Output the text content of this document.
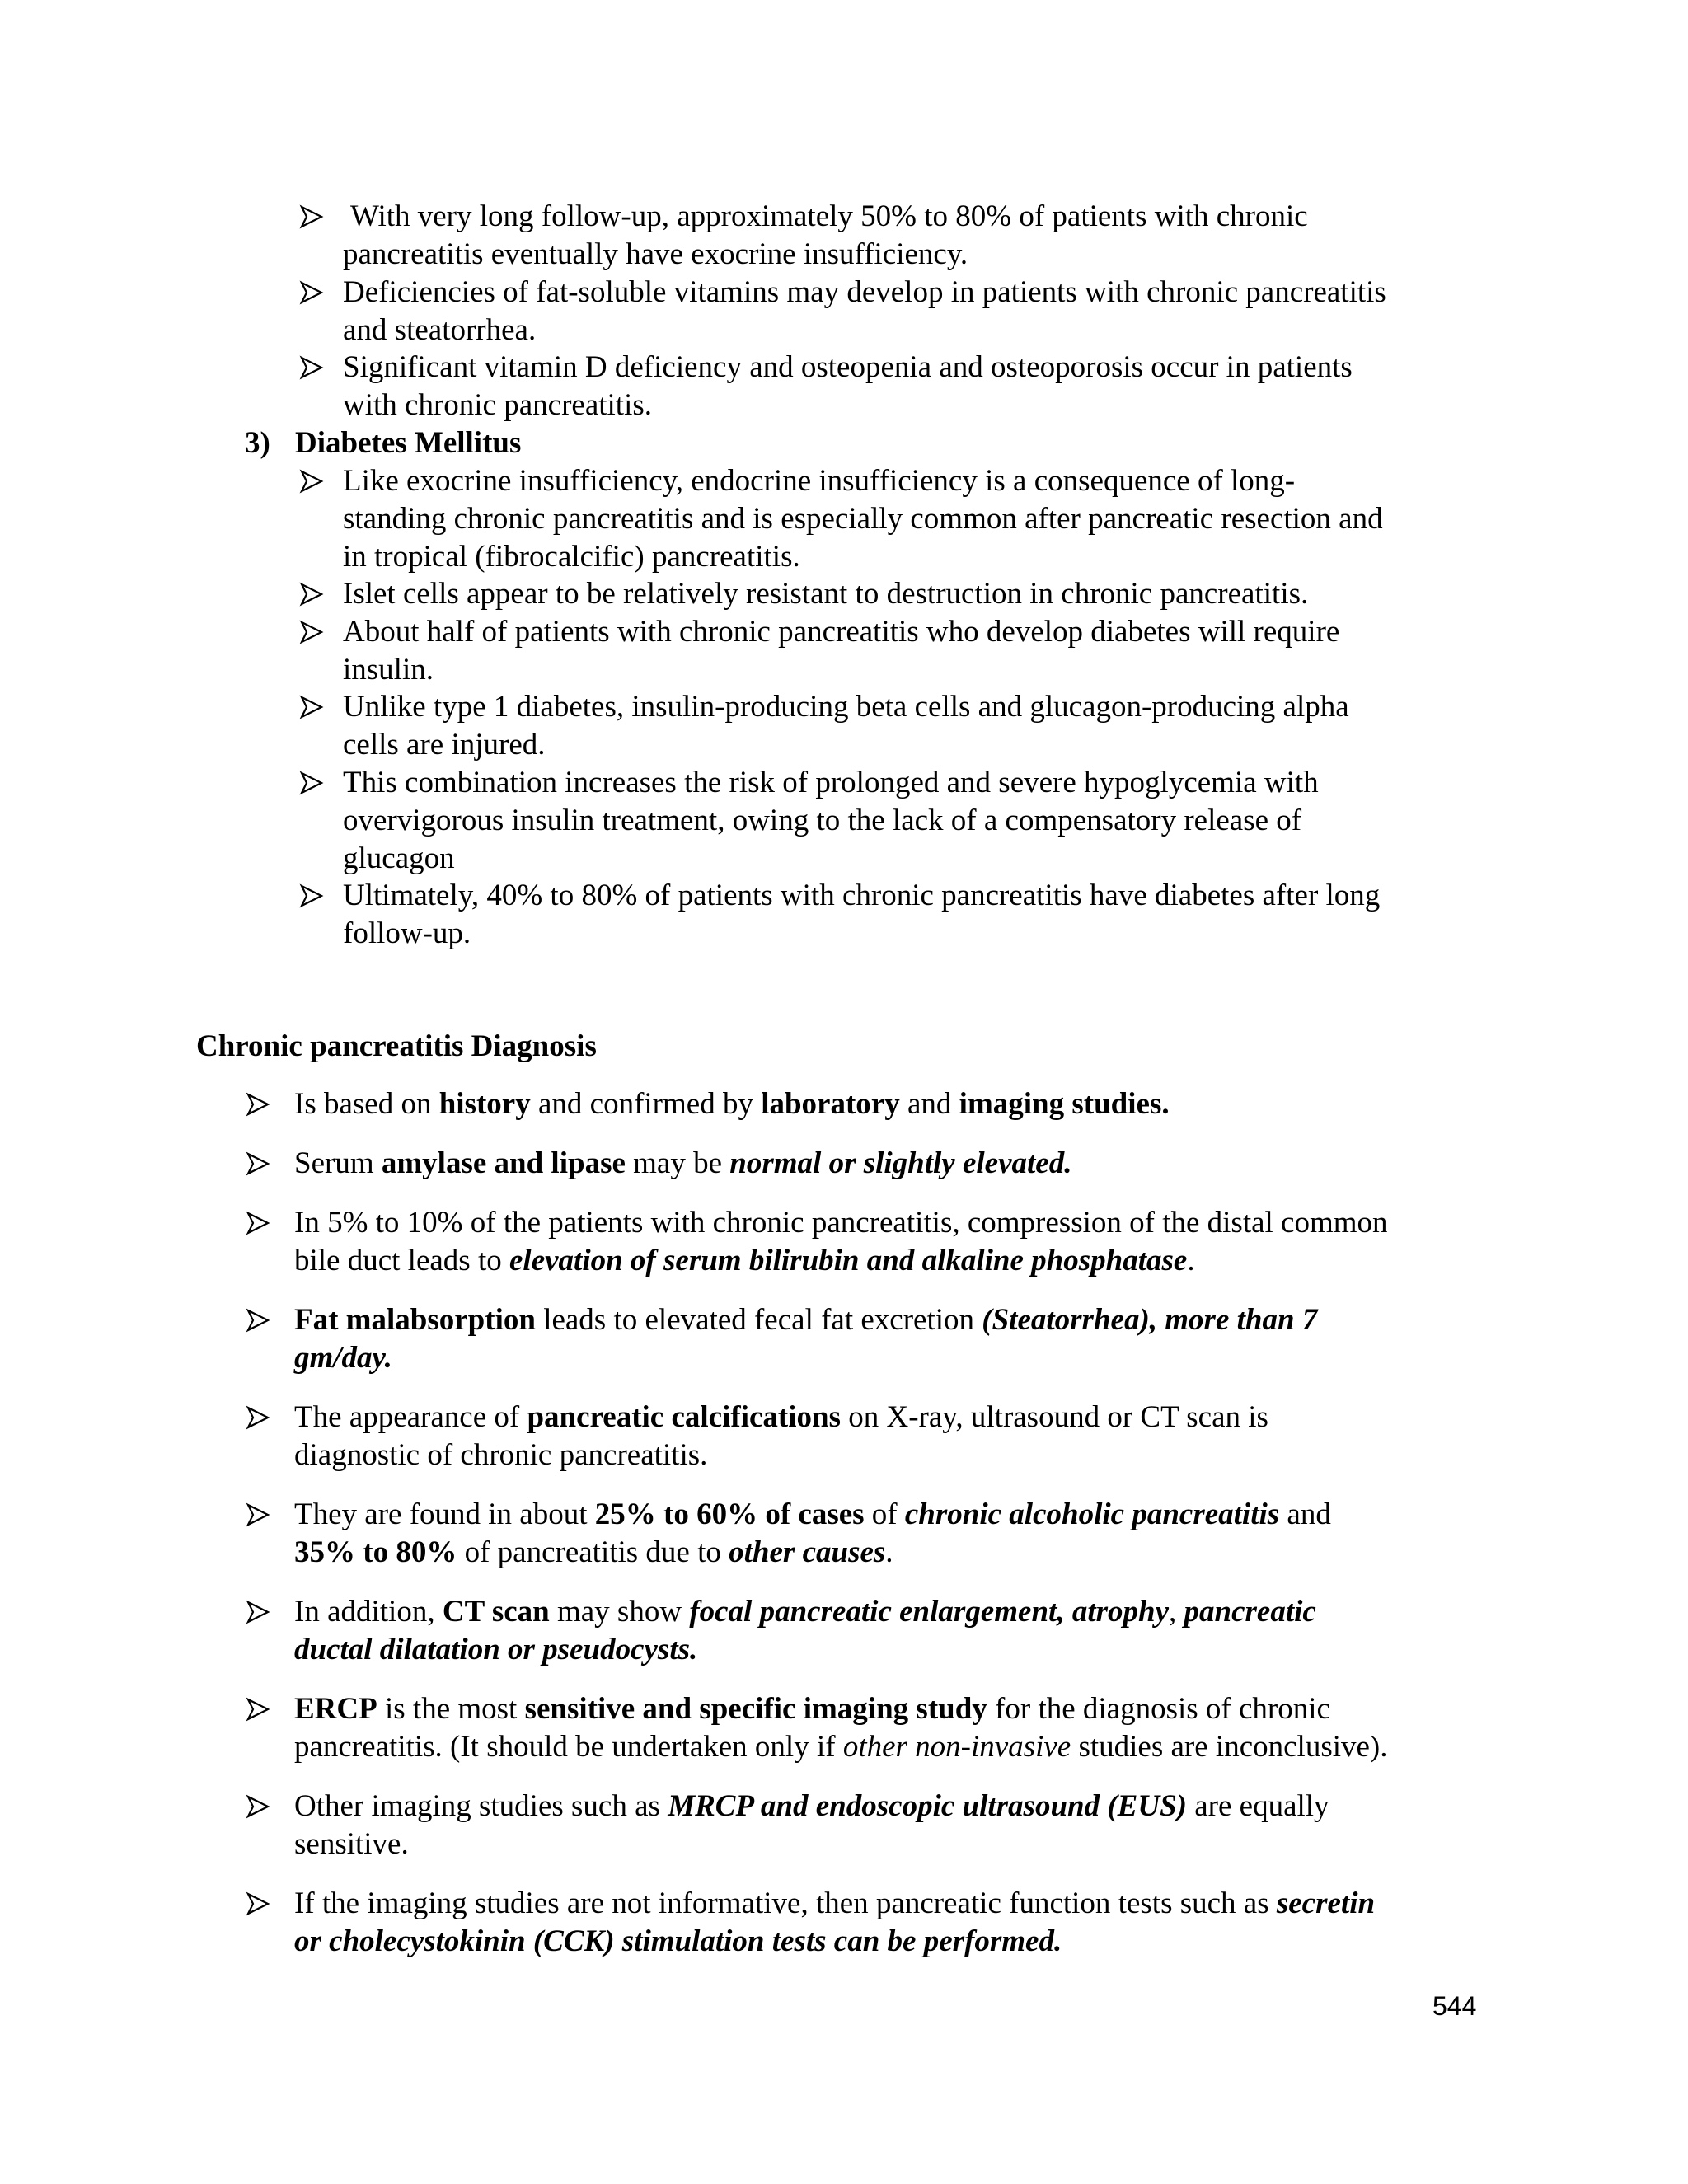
With very long follow-up, approximately 50% to 80% of patients with chronic
pancreatitis eventually have exocrine insufficiency.
Deficiencies of fat-soluble vitamins may develop in patients with chronic pancreatitis
and steatorrhea.
Significant vitamin D deficiency and osteopenia and osteoporosis occur in patients
with chronic pancreatitis.
3) Diabetes Mellitus
Like exocrine insufficiency, endocrine insufficiency is a consequence of long-
standing chronic pancreatitis and is especially common after pancreatic resection and
in tropical (fibrocalcific) pancreatitis.
Islet cells appear to be relatively resistant to destruction in chronic pancreatitis.
About half of patients with chronic pancreatitis who develop diabetes will require
insulin.
Unlike type 1 diabetes, insulin-producing beta cells and glucagon-producing alpha
cells are injured.
This combination increases the risk of prolonged and severe hypoglycemia with
overvigorous insulin treatment, owing to the lack of a compensatory release of
glucagon
Ultimately, 40% to 80% of patients with chronic pancreatitis have diabetes after long
follow-up.
Chronic pancreatitis Diagnosis
Is based on history and confirmed by laboratory and imaging studies.
Serum amylase and lipase may be normal or slightly elevated.
In 5% to 10% of the patients with chronic pancreatitis, compression of the distal common
bile duct leads to elevation of serum bilirubin and alkaline phosphatase.
Fat malabsorption leads to elevated fecal fat excretion (Steatorrhea), more than 7
gm/day.
The appearance of pancreatic calcifications on X-ray, ultrasound or CT scan is
diagnostic of chronic pancreatitis.
They are found in about 25% to 60% of cases of chronic alcoholic pancreatitis and
35% to 80% of pancreatitis due to other causes.
In addition, CT scan may show focal pancreatic enlargement, atrophy, pancreatic
ductal dilatation or pseudocysts.
ERCP is the most sensitive and specific imaging study for the diagnosis of chronic
pancreatitis. (It should be undertaken only if other non-invasive studies are inconclusive).
Other imaging studies such as MRCP and endoscopic ultrasound (EUS) are equally
sensitive.
If the imaging studies are not informative, then pancreatic function tests such as secretin
or cholecystokinin (CCK) stimulation tests can be performed.
544
